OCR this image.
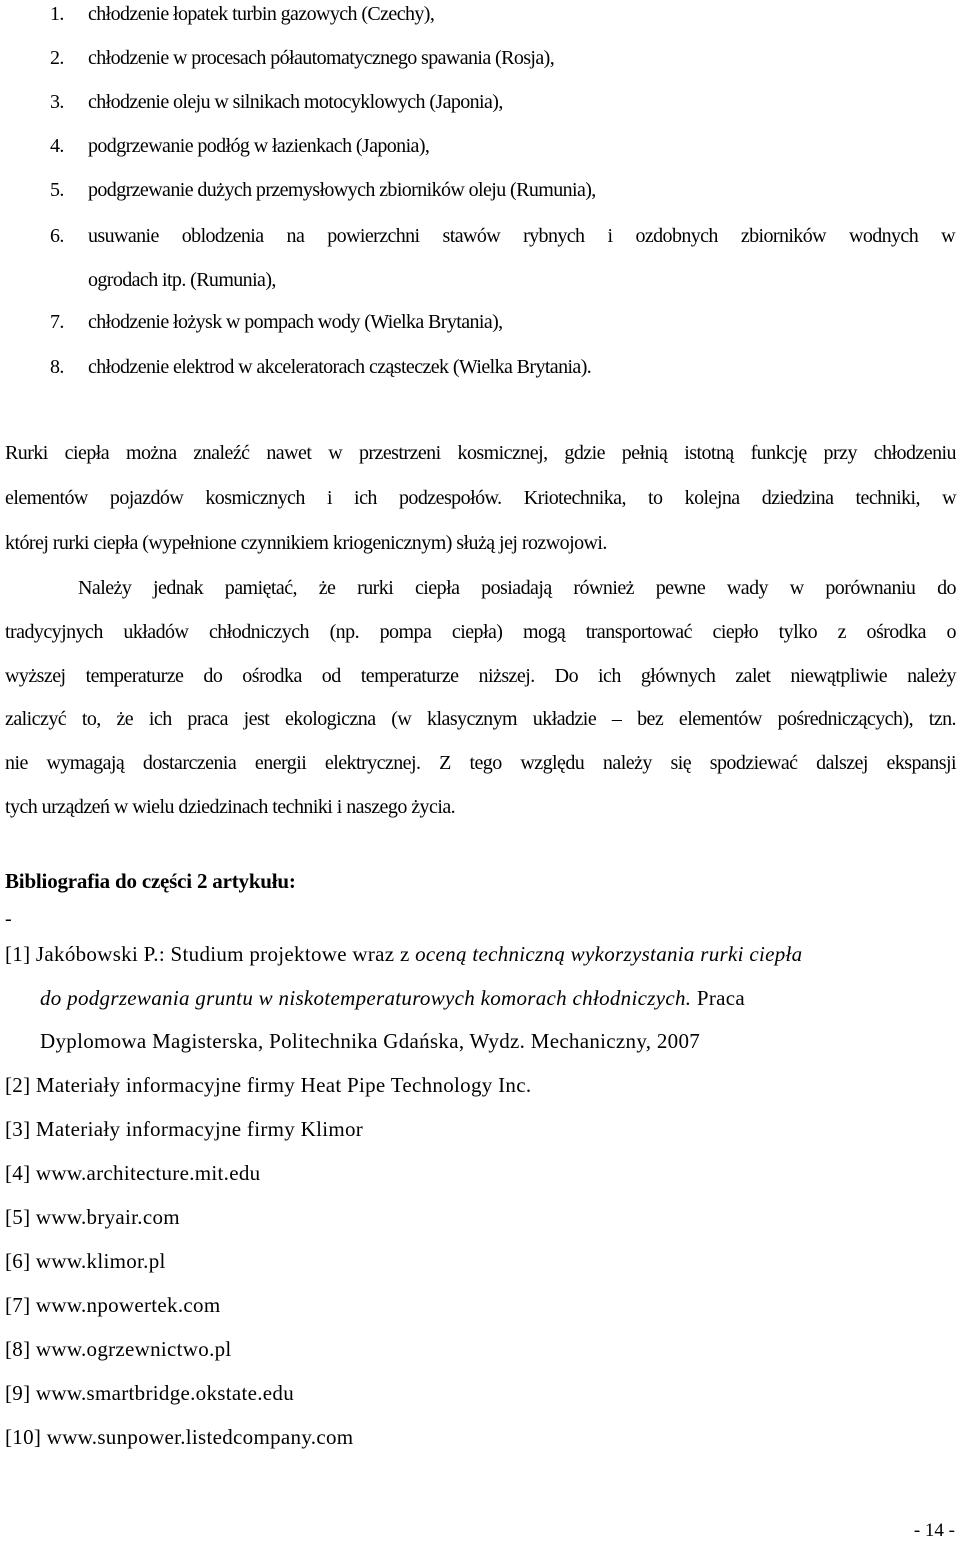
1. chłodzenie łopatek turbin gazowych (Czechy),
2. chłodzenie w procesach półautomatycznego spawania (Rosja),
3. chłodzenie oleju w silnikach motocyklowych (Japonia),
4. podgrzewanie podłóg w łazienkach (Japonia),
5. podgrzewanie dużych przemysłowych zbiorników oleju (Rumunia),
6. usuwanie oblodzenia na powierzchni stawów rybnych i ozdobnych zbiorników wodnych w
ogrodach itp. (Rumunia),
7. chłodzenie łożysk w pompach wody (Wielka Brytania),
8. chłodzenie elektrod w akceleratorach cząsteczek (Wielka Brytania).
Rurki ciepła można znaleźć nawet w przestrzeni kosmicznej, gdzie pełnią istotną funkcję przy chłodzeniu
elementów pojazdów kosmicznych i ich podzespołów. Kriotechnika, to kolejna dziedzina techniki, w
której rurki ciepła (wypełnione czynnikiem kriogenicznym) służą jej rozwojowi.
Należy jednak pamiętać, że rurki ciepła posiadają również pewne wady w porównaniu do
tradycyjnych układów chłodniczych (np. pompa ciepła) mogą transportować ciepło tylko z ośrodka o
wyższej temperaturze do ośrodka od temperaturze niższej. Do ich głównych zalet niewątpliwie należy
zaliczyć to, że ich praca jest ekologiczna (w klasycznym układzie – bez elementów pośredniczących), tzn.
nie wymagają dostarczenia energii elektrycznej. Z tego względu należy się spodziewać dalszej ekspansji
tych urządzeń w wielu dziedzinach techniki i naszego życia.
Bibliografia do części 2 artykułu:
-
[1] Jakóbowski P.: Studium projektowe wraz z oceną techniczną wykorzystania rurki ciepła
do podgrzewania gruntu w niskotemperaturowych komorach chłodniczych. Praca
Dyplomowa Magisterska, Politechnika Gdańska, Wydz. Mechaniczny, 2007
[2] Materiały informacyjne firmy Heat Pipe Technology Inc.
[3] Materiały informacyjne firmy Klimor
[4] www.architecture.mit.edu
[5] www.bryair.com
[6] www.klimor.pl
[7] www.npowertek.com
[8] www.ogrzewnictwo.pl
[9] www.smartbridge.okstate.edu
[10] www.sunpower.listedcompany.com
- 14 -
